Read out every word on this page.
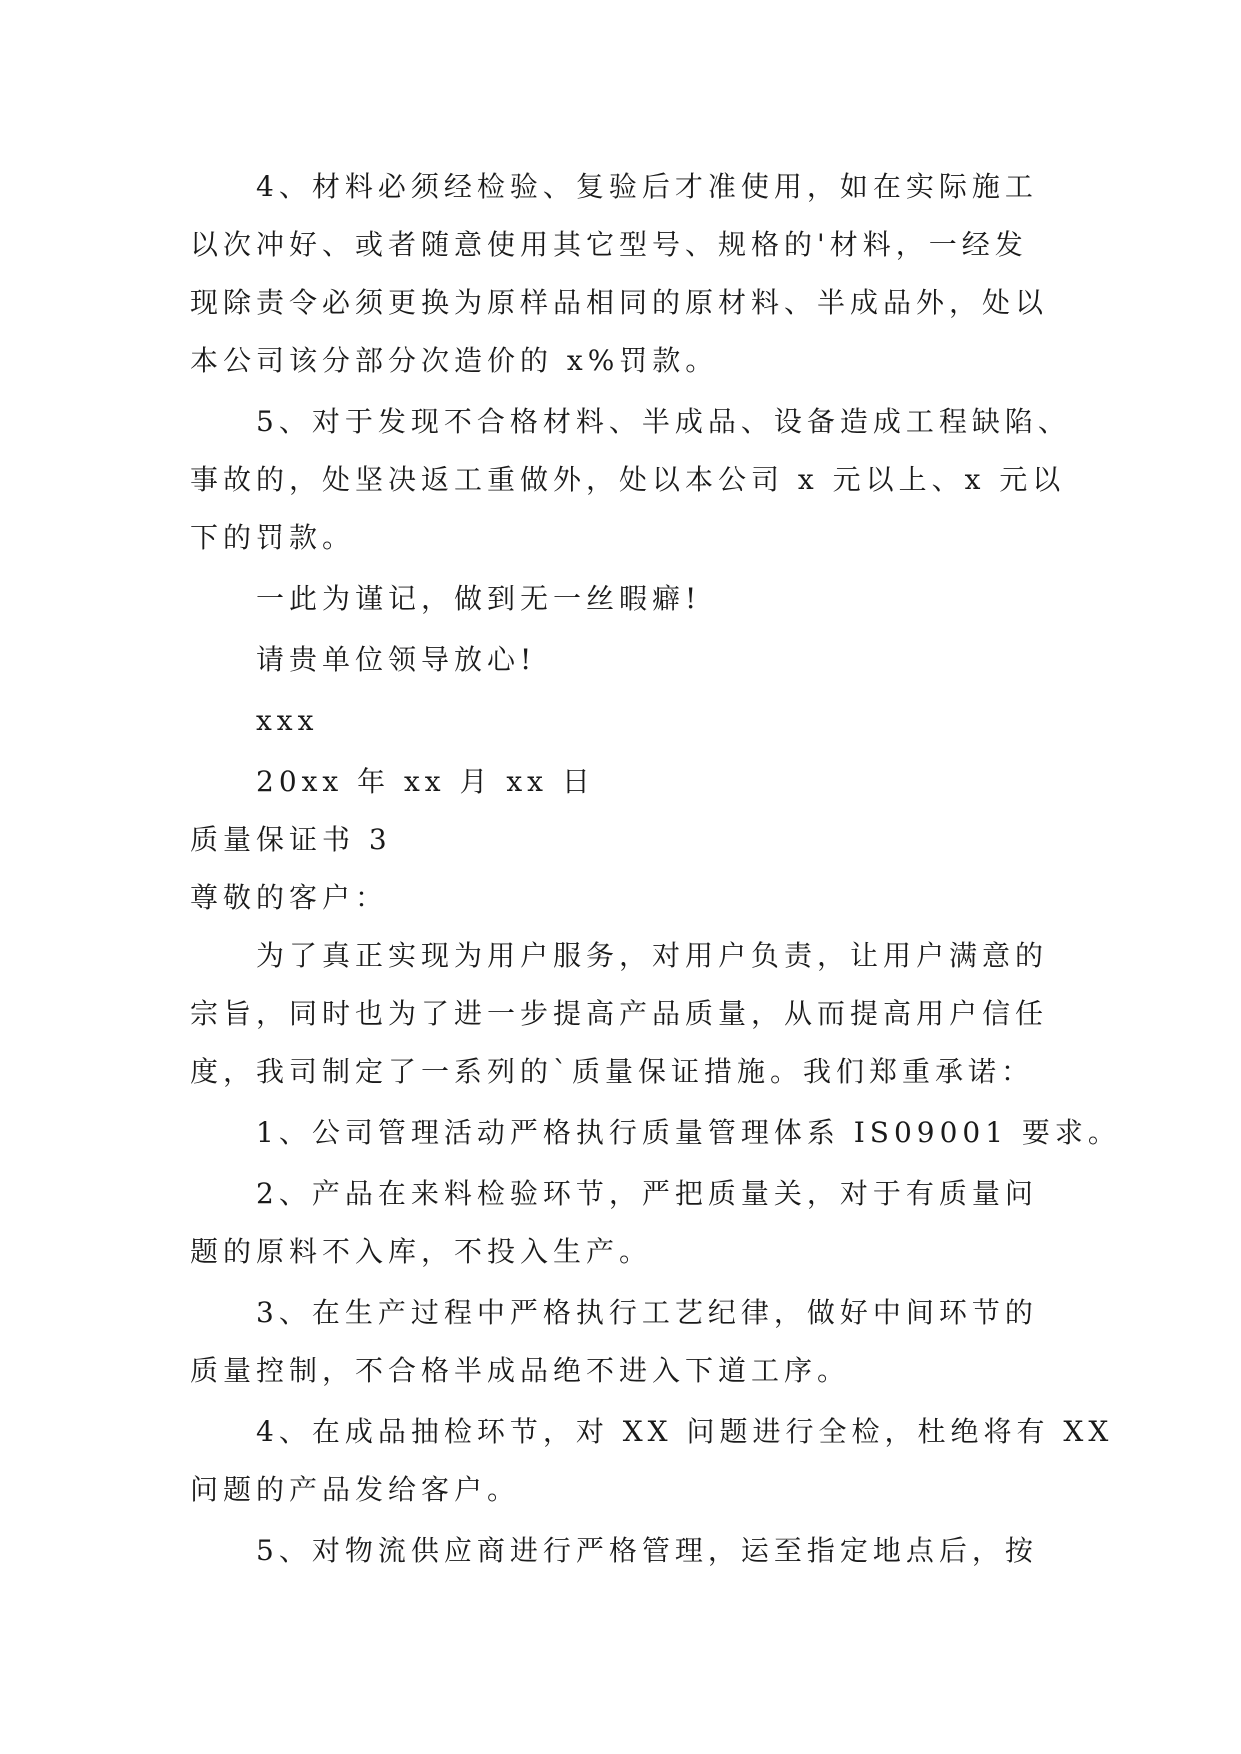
4、材料必须经检验、复验后才准使用，如在实际施工
以次冲好、或者随意使用其它型号、规格的'材料，一经发
现除责令必须更换为原样品相同的原材料、半成品外，处以
本公司该分部分次造价的 x%罚款。
5、对于发现不合格材料、半成品、设备造成工程缺陷、
事故的，处坚决返工重做外，处以本公司 x 元以上、x 元以
下的罚款。
一此为谨记，做到无一丝暇癖!
请贵单位领导放心!
xxx
20xx 年 xx 月 xx 日
质量保证书 3
尊敬的客户：
为了真正实现为用户服务，对用户负责，让用户满意的
宗旨，同时也为了进一步提高产品质量，从而提高用户信任
度，我司制定了一系列的`质量保证措施。我们郑重承诺：
1、公司管理活动严格执行质量管理体系 IS09001 要求。
2、产品在来料检验环节，严把质量关，对于有质量问
题的原料不入库，不投入生产。
3、在生产过程中严格执行工艺纪律，做好中间环节的
质量控制，不合格半成品绝不进入下道工序。
4、在成品抽检环节，对 XX 问题进行全检，杜绝将有 XX
问题的产品发给客户。
5、对物流供应商进行严格管理，运至指定地点后，按
